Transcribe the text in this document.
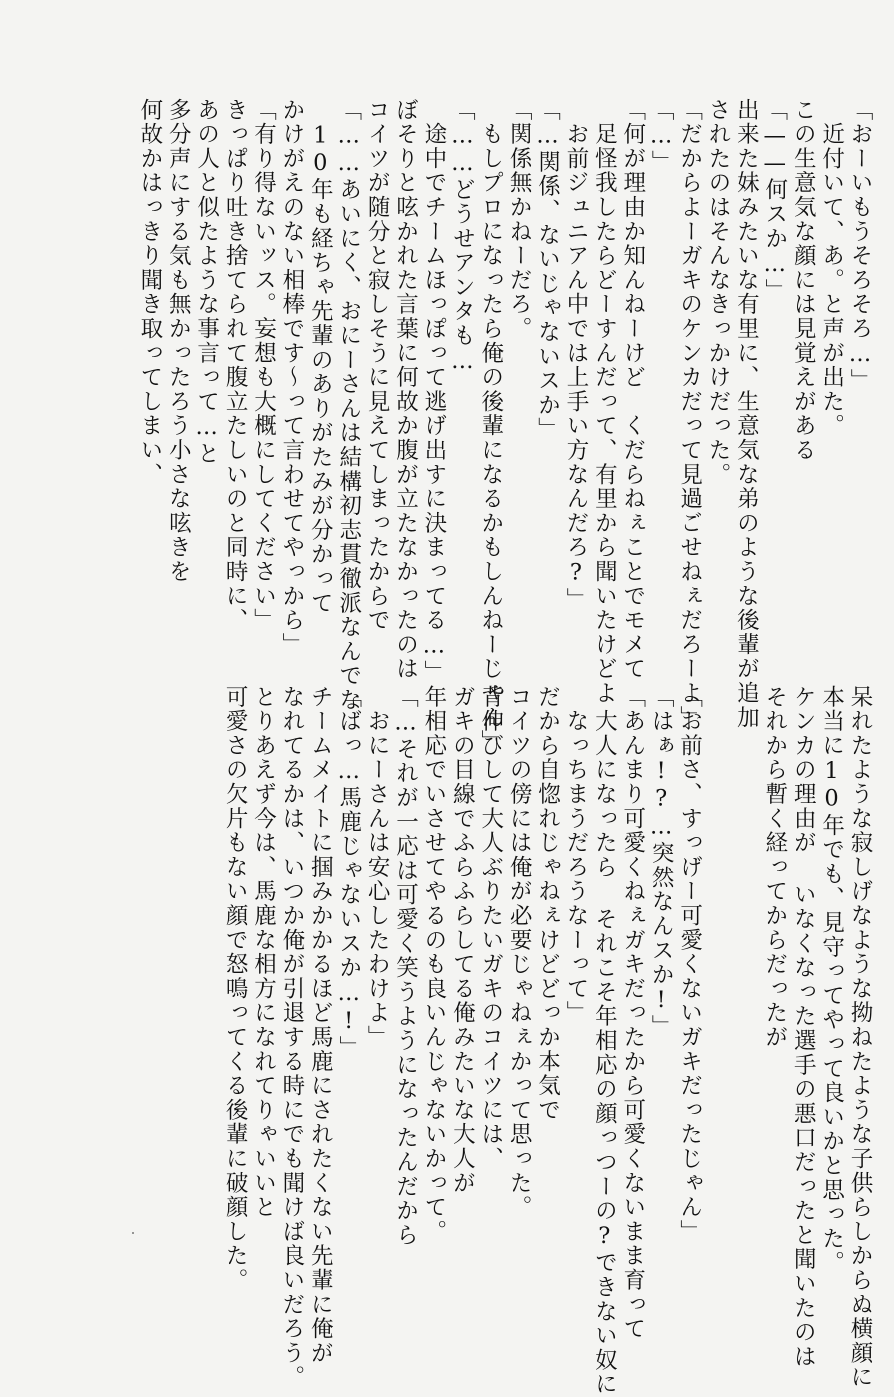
「おーいもうそろそろ…」

　近付いて、あ。と声が出た。

この生意気な顔には見覚えがある

「——何スか…」

出来た妹みたいな有里に、生意気な弟のような後輩が追加

されたのはそんなきっかけだった。

「だからよーガキのケンカだって見過ごせねぇだろーよ」

「…」

「何が理由か知んねーけど　くだらねぇことでモメて

　足怪我したらどーすんだって、有里から聞いたけどよ

　お前ジュニアん中では上手い方なんだろ?」

「…関係、ないじゃないスか」

「関係無かねーだろ。

　もしプロになったら俺の後輩になるかもしんねーじゃん」

「……どうせアンタも…

　途中でチームほっぽって逃げ出すに決まってる…」

ぼそりと呟かれた言葉に何故か腹が立たなかったのは

コイツが随分と寂しそうに見えてしまったからで

「……あいにく、おにーさんは結構初志貫徹派なんでな

　10年も経ちゃ先輩のありがたみが分かって

かけがえのない相棒です～って言わせてやっから」

「有り得ないッス。妄想も大概にしてください」

きっぱり吐き捨てられて腹立たしいのと同時に、

あの人と似たような事言って…と

多分声にする気も無かったろう小さな呟きを

何故かはっきり聞き取ってしまい、

呆れたような寂しげなような拗ねたような子供らしからぬ横顔に

本当に10年でも、見守ってやって良いかと思った。

ケンカの理由が いなくなった選手の悪口だったと聞いたのは

それから暫く経ってからだったが

「お前さ、すっげー可愛くないガキだったじゃん」

「はぁ!?…突然なんスか!」

「あんまり可愛くねぇガキだったから可愛くないまま育って

　大人になったら それこそ年相応の顔っつーの?できない奴に

　なっちまうだろうなーって」

だから自惚れじゃねぇけどどっか本気で

コイツの傍には俺が必要じゃねぇかって思った。

背伸びして大人ぶりたいガキのコイツには、

ガキの目線でふらふらしてる俺みたいな大人が

年相応でいさせてやるのも良いんじゃないかって。

「…それが一応は可愛く笑うようになったんだから

　おにーさんは安心したわけよ」

「ばっ…馬鹿じゃないスか…!」

チームメイトに掴みかかるほど馬鹿にされたくない先輩に俺が

なれてるかは、いつか俺が引退する時にでも聞けば良いだろう。

とりあえず今は、馬鹿な相方になれてりゃいいと

可愛さの欠片もない顔で怒鳴ってくる後輩に破顔した。
